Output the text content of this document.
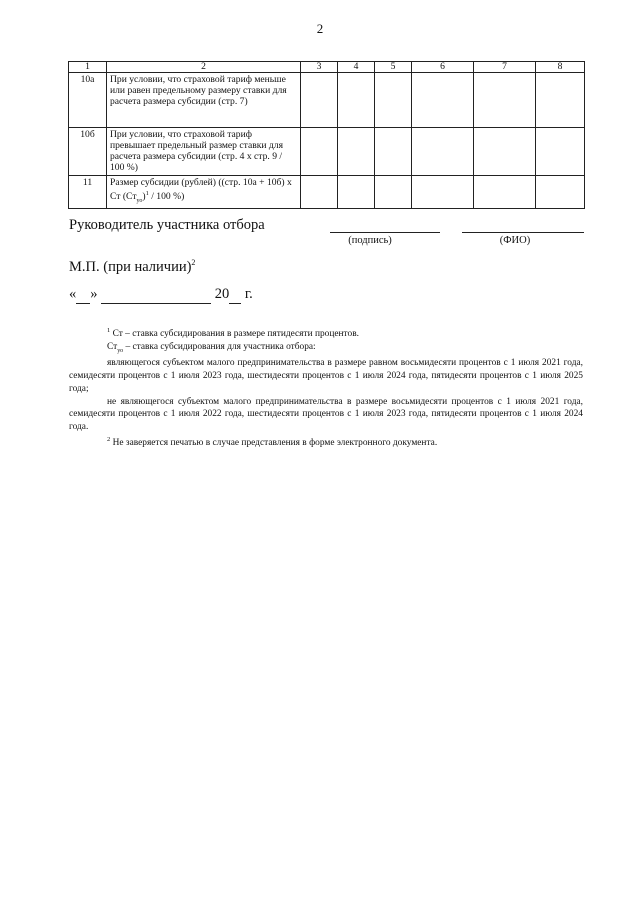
2
1	2	3	4	5	6	7	8
10а	При условии, что страховой тариф меньше или равен предельному размеру ставки для расчета размера субсидии (стр. 7)						
10б	При условии, что страховой тариф превышает предельный размер ставки для расчета размера субсидии (стр. 4 х стр. 9 / 100 %)						
11	Размер субсидии (рублей) ((стр. 10а + 10б) х Ст $(Ст_{уо})^1 / 100$ %)						
Руководитель участника отбора
(подпись)	(ФИО)
М.П. (при наличии)$^2$
« »	20 г.

$^1$ Ст – ставка субсидирования в размере пятидесяти процентов.

$Ст_{уо}$ – ставка субсидирования для участника отбора:

являющегося субъектом малого предпринимательства в размере равном восьмидесяти процентов с 1 июля 2021 года, семидесяти процентов с 1 июля 2023 года, шестидесяти процентов с 1 июля 2024 года, пятидесяти процентов с 1 июля 2025 года;

не являющегося субъектом малого предпринимательства в размере восьмидесяти процентов с 1 июля 2021 года, семидесяти процентов с 1 июля 2022 года, шестидесяти процентов с 1 июля 2023 года, пятидесяти процентов с 1 июля 2024 года.

$^2$ Не заверяется печатью в случае представления в форме электронного документа.
